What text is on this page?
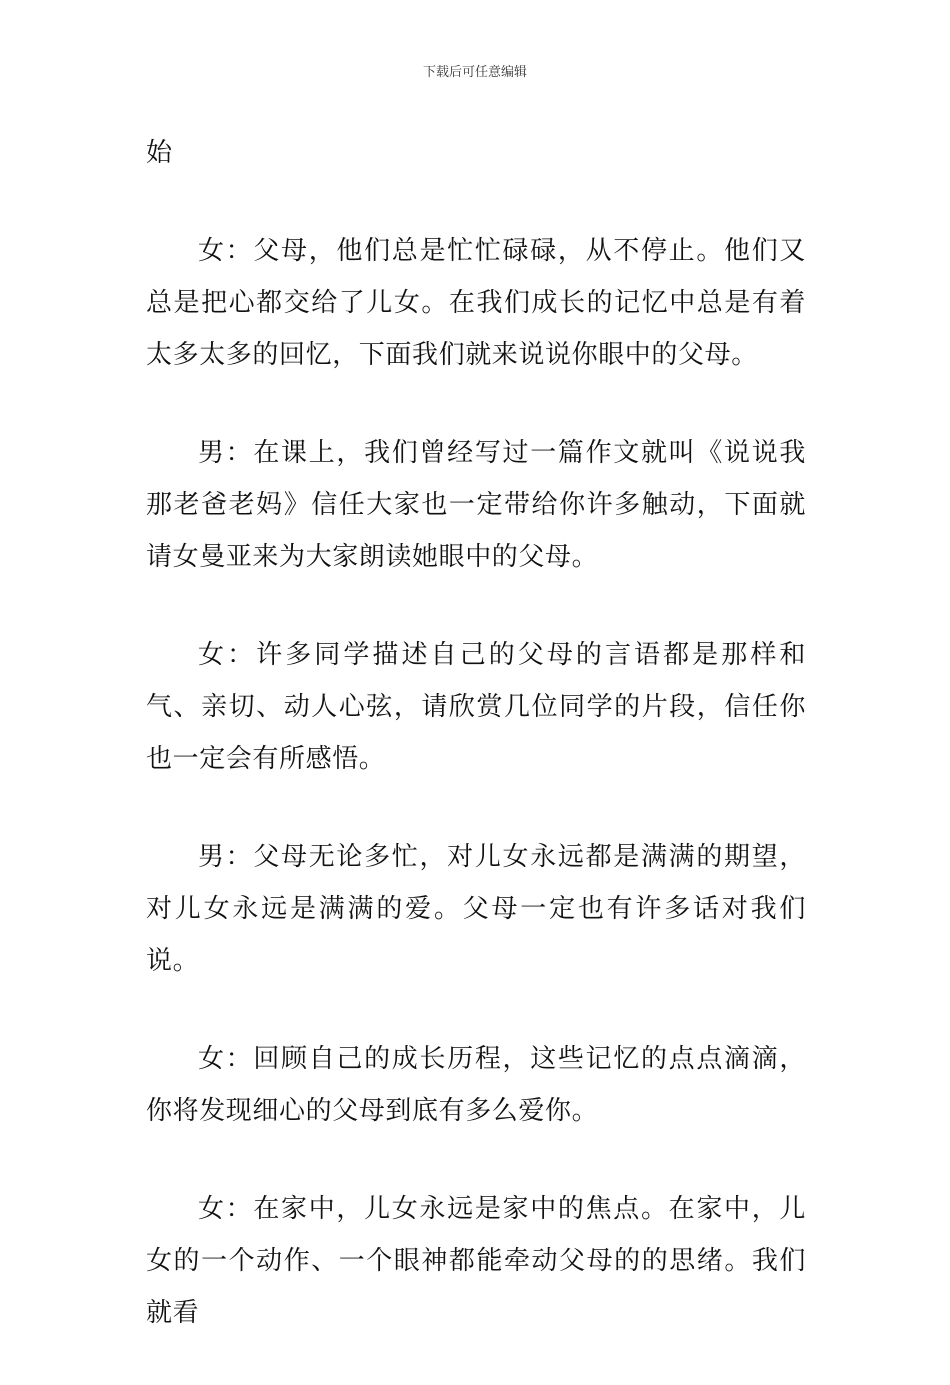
下载后可任意编辑

始

女：父母，他们总是忙忙碌碌，从不停止。他们又总是把心都交给了儿女。在我们成长的记忆中总是有着太多太多的回忆，下面我们就来说说你眼中的父母。

男：在课上，我们曾经写过一篇作文就叫《说说我那老爸老妈》信任大家也一定带给你许多触动，下面就请女曼亚来为大家朗读她眼中的父母。

女：许多同学描述自己的父母的言语都是那样和气、亲切、动人心弦，请欣赏几位同学的片段，信任你也一定会有所感悟。

男：父母无论多忙，对儿女永远都是满满的期望，对儿女永远是满满的爱。父母一定也有许多话对我们说。

女：回顾自己的成长历程，这些记忆的点点滴滴，你将发现细心的父母到底有多么爱你。

女：在家中，儿女永远是家中的焦点。在家中，儿女的一个动作、一个眼神都能牵动父母的的思绪。我们就看
